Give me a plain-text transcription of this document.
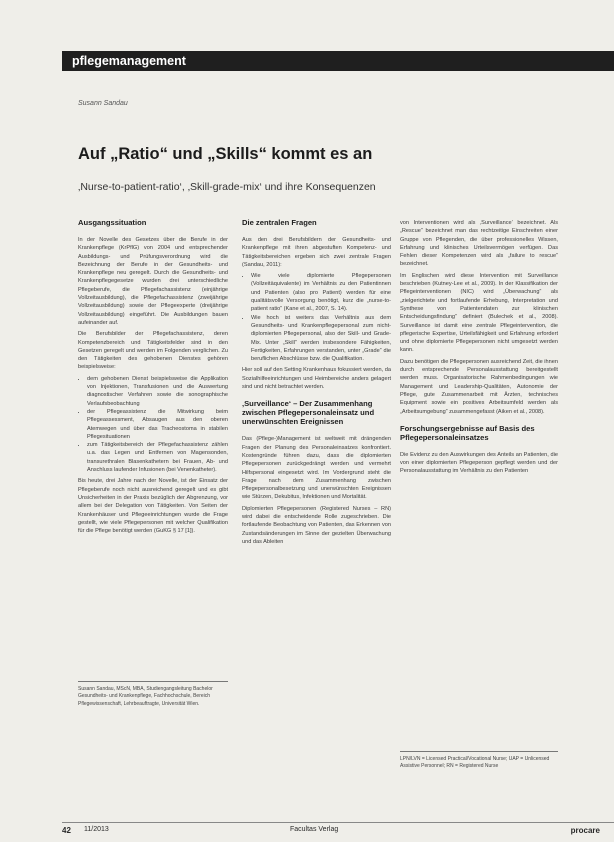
pflegemanagement
Susann Sandau
Auf „Ratio“ und „Skills“ kommt es an
‚Nurse-to-patient-ratio‘, ‚Skill-grade-mix‘ und ihre Konsequenzen
Ausgangssituation

In der Novelle des Gesetzes über die Berufe in der Krankenpflege (KrPflG) von 2004 und entsprechender Ausbildungs- und Prüfungsverordnung wird die Bezeichnung der Berufe in der Gesundheits- und Krankenpflege neu geregelt. Durch die Gesundheits- und Krankenpflegegesetze wurden drei unterschiedliche Pflegeberufe, die Pflegefachassistenz (einjährige Vollzeitausbildung), die Pflegefachassistenz (zweijährige Vollzeitausbildung) sowie der Pflegeexperte (dreijährige Vollzeitausbildung) eingeführt. Die Ausbildungen bauen aufeinander auf.

Die Berufsbilder der Pflegefachassistenz, deren Kompetenzbereich und Tätigkeitsfelder sind in den Gesetzen geregelt und werden im Folgenden verglichen. Zu den Tätigkeiten des gehobenen Dienstes gehören beispielsweise:

• dem gehobenen Dienst beispielsweise die Applikation von Injektionen, Transfusionen und die Auswertung diagnostischer Verfahren sowie die sonographische Verlaufsbeobachtung
• der Pflegeassistenz die Mitwirkung beim Pflegeassessment, Absaugen aus den oberen Atemwegen und über das Tracheostoma in stabilen Pflegesituationen
• zum Tätigkeitsbereich der Pflegefachassistenz zählen u.a. das Legen und Entfernen von Magensonden, transurethralen Blasenkathetern bei Frauen, Ab- und Anschluss laufender Infusionen (bei Venenkatheter).

Bis heute, drei Jahre nach der Novelle, ist der Einsatz der Pflegeberufe noch nicht ausreichend geregelt und es gibt Unsicherheiten in der Praxis bezüglich der Abgrenzung, vor allem bei der Delegation von Tätigkeiten. Von Seiten der Krankenhäuser und Pflegeeinrichtungen wurde die Frage gestellt, wie viele Pflegepersonen mit welcher Qualifikation für die Pflege benötigt werden (GuKG § 17 [1]).

Susann Sandau, MScN, MBA, Studiengangsleitung Bachelor Gesundheits- und Krankenpflege, Fachhochschule, Bereich Pflegewissenschaft, Lehrbeauftragte, Universität Wien.
Die zentralen Fragen

Aus den drei Berufsbildern der Gesundheits- und Krankenpflege mit ihren abgestuften Kompetenz- und Tätigkeitsbereichen ergeben sich zwei zentrale Fragen (Sandau, 2011):

• Wie viele diplomierte Pflegepersonen (Vollzeitäquivalente) im Verhältnis zu den Patientinnen und Patienten (also pro Patient) werden für eine qualitätsvolle Versorgung benötigt, kurz die „nurse-to-patient ratio“ (Kane et al., 2007, S. 14).
• Wie hoch ist weiters das Verhältnis aus dem Gesundheits- und Krankenpflegepersonal zum nicht-diplomierten Pflegepersonal, also der Skill- und Grade-Mix. Unter „Skill“ werden insbesondere Fähigkeiten, Fertigkeiten, Erfahrungen verstanden, unter „Grade“ die beruflichen Abschlüsse bzw. die Qualifikation.

Hier soll auf den Setting Krankenhaus fokussiert werden, da Sozialhilfeeinrichtungen und Heimbereiche anders gelagert sind und nicht betrachtet werden.

‚Surveillance‘ – Der Zusammenhang zwischen Pflegepersonaleinsatz und unerwünschten Ereignissen

Das (Pflege-)Management ist weltweit mit drängenden Fragen der Planung des Personaleinsatzes konfrontiert. Kostengründe führen dazu, dass die diplomierten Pflegepersonen zurückgedrängt werden und vermehrt Hilfspersonal eingesetzt wird. Im Vordergrund steht die Frage nach dem Zusammenhang zwischen Pflegepersonalbesetzung und unerwünschten Ereignissen wie Stürzen, Dekubitus, Infektionen und Mortalität.

Diplomierten Pflegepersonen (Registered Nurses – RN) wird dabei die entscheidende Rolle zugeschrieben. Die fortlaufende Beobachtung von Patienten, das Erkennen von Zustandsänderungen im Sinne der gezielten Überwachung und das Ableiten

von Interventionen wird als ‚Surveillance‘ bezeichnet. Als „Rescue“ bezeichnet man das rechtzeitige Einschreiten einer Gruppe von Pflegenden, die über professionelles Wissen, Erfahrung und klinisches Urteilsvermögen verfügen. Das Fehlen dieser Kompetenzen wird als „failure to rescue“ bezeichnet.

Im Englischen wird diese Intervention mit Surveillance beschrieben (Kutney-Lee et al., 2009). In der Klassifikation der Pflegeinterventionen (NIC) wird „Überwachung“ als „zielgerichtete und fortlaufende Erhebung, Interpretation und Synthese von Patientendaten zur klinischen Entscheidungsfindung“ definiert (Bulechek et al., 2008). Surveillance ist damit eine zentrale Pflegeintervention, die pflegerische Expertise, Urteilsfähigkeit und Erfahrung erfordert und ohne diplomierte Pflegepersonen nicht umgesetzt werden kann.

Dazu benötigen die Pflegepersonen ausreichend Zeit, die ihnen durch entsprechende Personalausstattung bereitgestellt werden muss. Organisatorische Rahmenbedingungen wie Management und Leadership-Qualitäten, Autonomie der Pflege, gute Zusammenarbeit mit Ärzten, technisches Equipment sowie ein positives Arbeitsumfeld werden als „Arbeitsumgebung“ zusammengefasst (Aiken et al., 2008).

Forschungsergebnisse auf Basis des Pflegepersonaleinsatzes

Die Evidenz zu den Auswirkungen des Anteils an Patienten, die von einer diplomierten Pflegeperson gepflegt werden und der Personalausstattung im Verhältnis zu den Patienten

LPN/LVN = Licensed Practical/Vocational Nurse; UAP = Unlicensed Assistive Personnel; RN = Registered Nurse
42 11/2013	Facultas Verlag	procare
